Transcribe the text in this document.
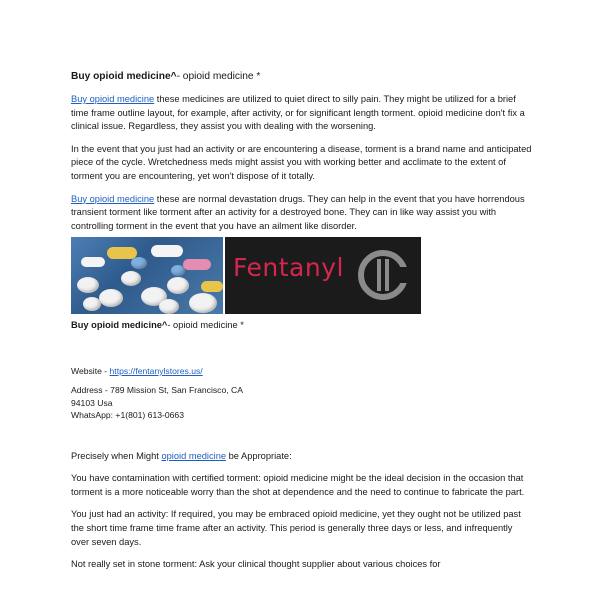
Buy opioid medicine^- opioid medicine *

Buy opioid medicine these medicines are utilized to quiet direct to silly pain. They might be utilized for a brief time frame outline layout, for example, after activity, or for significant length torment. opioid medicine don't fix a clinical issue. Regardless, they assist you with dealing with the worsening.

In the event that you just had an activity or are encountering a disease, torment is a brand name and anticipated piece of the cycle. Wretchedness meds might assist you with working better and acclimate to the extent of torment you are encountering, yet won't dispose of it totally.

Buy opioid medicine these are normal devastation drugs. They can help in the event that you have horrendous transient torment like torment after an activity for a destroyed bone. They can in like way assist you with controlling torment in the event that you have an ailment like disorder.

Fentanyl
Buy opioid medicine^- opioid medicine *
Website - https://fentanylstores.us/
Address - 789 Mission St, San Francisco, CA
94103 Usa
WhatsApp: +1(801) 613-0663

Precisely when Might opioid medicine be Appropriate:

You have contamination with certified torment: opioid medicine might be the ideal decision in the occasion that torment is a more noticeable worry than the shot at dependence and the need to continue to fabricate the part.

You just had an activity: If required, you may be embraced opioid medicine, yet they ought not be utilized past the short time frame time frame after an activity. This period is generally three days or less, and infrequently over seven days.

Not really set in stone torment: Ask your clinical thought supplier about various choices for
